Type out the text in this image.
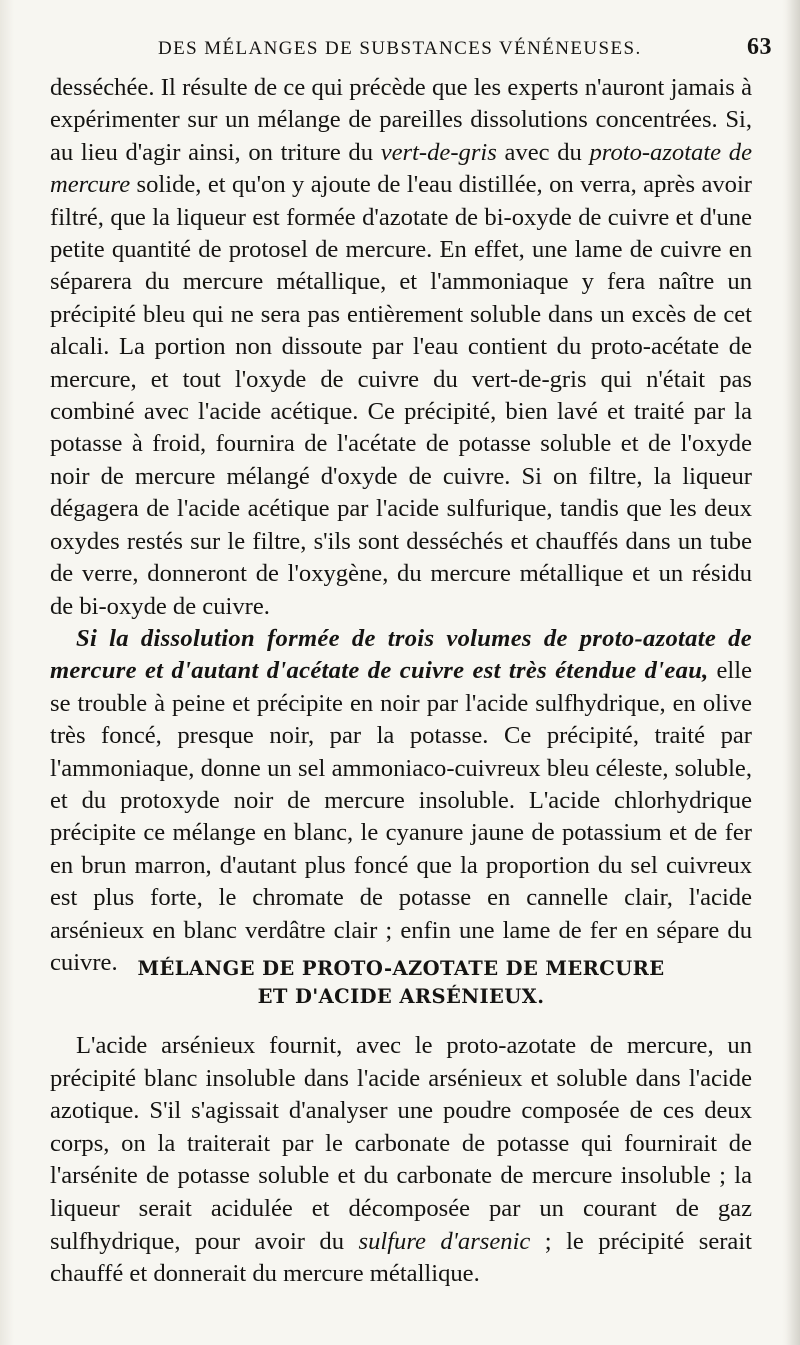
DES MÉLANGES DE SUBSTANCES VÉNÉNEUSES.	63

desséchée. Il résulte de ce qui précède que les experts n'auront jamais à expérimenter sur un mélange de pareilles dissolutions concentrées. Si, au lieu d'agir ainsi, on triture du vert-de-gris avec du proto-azotate de mercure solide, et qu'on y ajoute de l'eau distillée, on verra, après avoir filtré, que la liqueur est formée d'azotate de bi-oxyde de cuivre et d'une petite quantité de protosel de mercure. En effet, une lame de cuivre en séparera du mercure métallique, et l'ammoniaque y fera naître un précipité bleu qui ne sera pas entièrement soluble dans un excès de cet alcali. La portion non dissoute par l'eau contient du proto-acétate de mercure, et tout l'oxyde de cuivre du vert-de-gris qui n'était pas combiné avec l'acide acétique. Ce précipité, bien lavé et traité par la potasse à froid, fournira de l'acétate de potasse soluble et de l'oxyde noir de mercure mélangé d'oxyde de cuivre. Si on filtre, la liqueur dégagera de l'acide acétique par l'acide sulfurique, tandis que les deux oxydes restés sur le filtre, s'ils sont desséchés et chauffés dans un tube de verre, donneront de l'oxygène, du mercure métallique et un résidu de bi-oxyde de cuivre.

Si la dissolution formée de trois volumes de proto-azotate de mercure et d'autant d'acétate de cuivre est très étendue d'eau, elle se trouble à peine et précipite en noir par l'acide sulfhydrique, en olive très foncé, presque noir, par la potasse. Ce précipité, traité par l'ammoniaque, donne un sel ammoniaco-cuivreux bleu céleste, soluble, et du protoxyde noir de mercure insoluble. L'acide chlorhydrique précipite ce mélange en blanc, le cyanure jaune de potassium et de fer en brun marron, d'autant plus foncé que la proportion du sel cuivreux est plus forte, le chromate de potasse en cannelle clair, l'acide arsénieux en blanc verdâtre clair ; enfin une lame de fer en sépare du cuivre.	MÉLANGE DE PROTO-AZOTATE DE MERCURE
ET D'ACIDE ARSÉNIEUX.

L'acide arsénieux fournit, avec le proto-azotate de mercure, un précipité blanc insoluble dans l'acide arsénieux et soluble dans l'acide azotique. S'il s'agissait d'analyser une poudre composée de ces deux corps, on la traiterait par le carbonate de potasse qui fournirait de l'arsénite de potasse soluble et du carbonate de mercure insoluble ; la liqueur serait acidulée et décomposée par un courant de gaz sulfhydrique, pour avoir du sulfure d'arsenic ; le précipité serait chauffé et donnerait du mercure métallique.
